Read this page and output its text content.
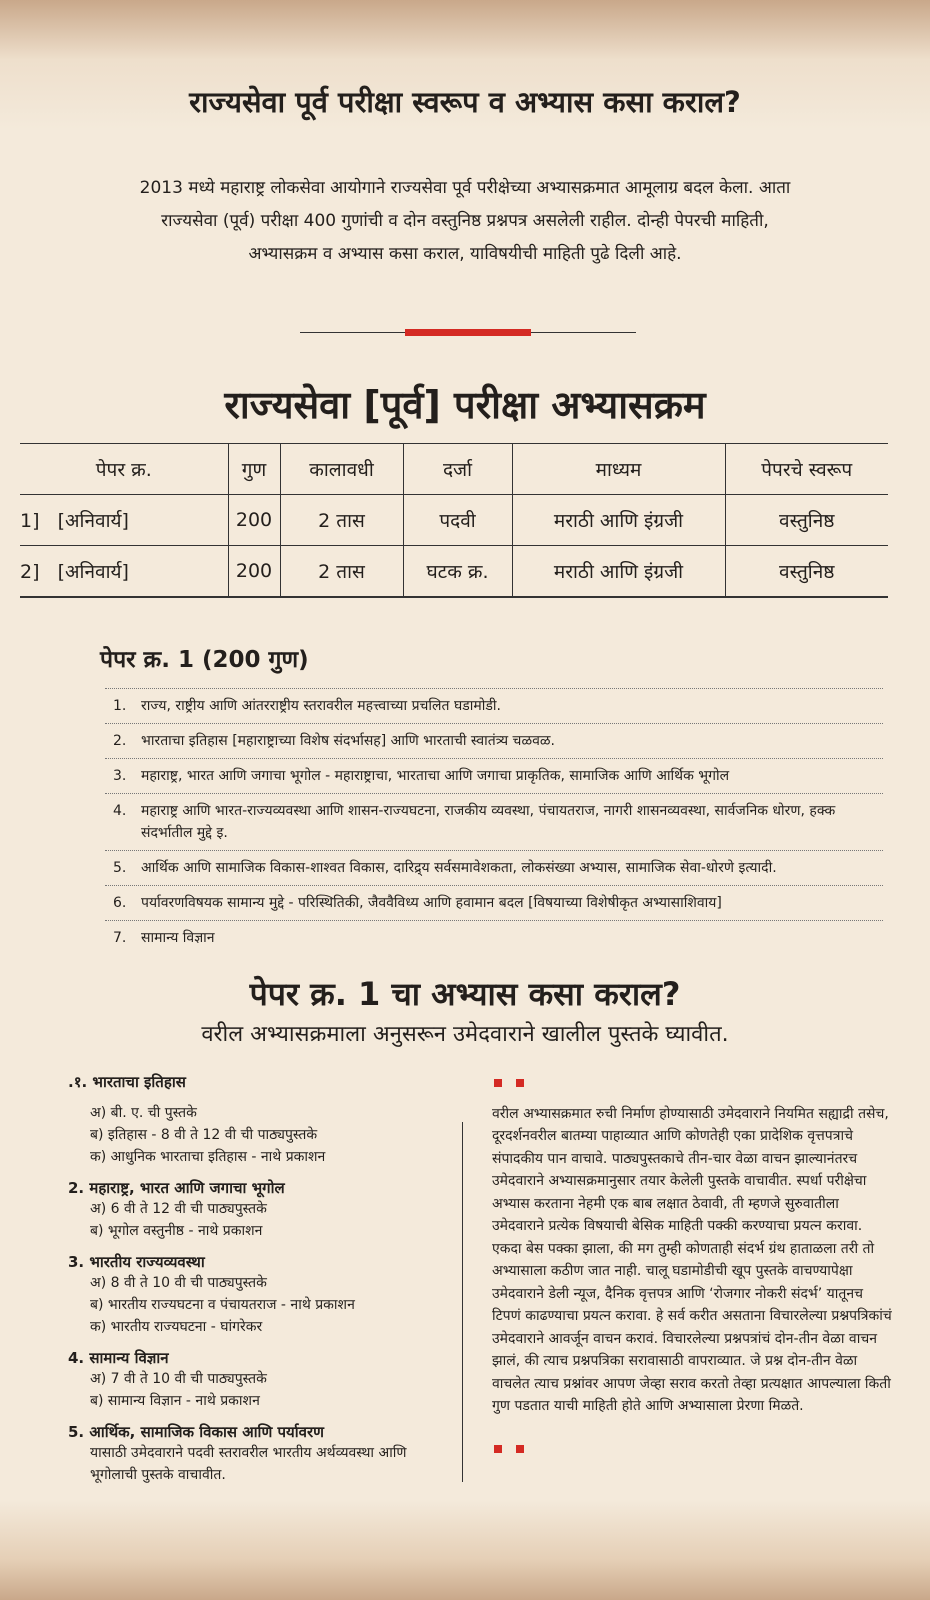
राज्यसेवा पूर्व परीक्षा स्वरूप व अभ्यास कसा कराल?

2013 मध्ये महाराष्ट्र लोकसेवा आयोगाने राज्यसेवा पूर्व परीक्षेच्या अभ्यासक्रमात आमूलाग्र बदल केला. आता राज्यसेवा (पूर्व) परीक्षा 400 गुणांची व दोन वस्तुनिष्ठ प्रश्नपत्र असलेली राहील. दोन्ही पेपरची माहिती, अभ्यासक्रम व अभ्यास कसा कराल, याविषयीची माहिती पुढे दिली आहे.

राज्यसेवा [पूर्व] परीक्षा अभ्यासक्रम
पेपर क्र.	गुण	कालावधी	दर्जा	माध्यम	पेपरचे स्वरूप
1]   [अनिवार्य]	200	2 तास	पदवी	मराठी आणि इंग्रजी	वस्तुनिष्ठ
2]   [अनिवार्य]	200	2 तास	घटक क्र.	मराठी आणि इंग्रजी	वस्तुनिष्ठ
पेपर क्र. 1 (200 गुण)
1.	राज्य, राष्ट्रीय आणि आंतरराष्ट्रीय स्तरावरील महत्त्वाच्या प्रचलित घडामोडी.
2.	भारताचा इतिहास [महाराष्ट्राच्या विशेष संदर्भासह] आणि भारताची स्वातंत्र्य चळवळ.
3.	महाराष्ट्र, भारत आणि जगाचा भूगोल - महाराष्ट्राचा, भारताचा आणि जगाचा प्राकृतिक, सामाजिक आणि आर्थिक भूगोल
4.	महाराष्ट्र आणि भारत-राज्यव्यवस्था आणि शासन-राज्यघटना, राजकीय व्यवस्था, पंचायतराज, नागरी शासनव्यवस्था, सार्वजनिक धोरण, हक्क संदर्भातील मुद्दे इ.
5.	आर्थिक आणि सामाजिक विकास-शाश्वत विकास, दारिद्र्य सर्वसमावेशकता, लोकसंख्या अभ्यास, सामाजिक सेवा-धोरणे इत्यादी.
6.	पर्यावरणविषयक सामान्य मुद्दे - परिस्थितिकी, जैववैविध्य आणि हवामान बदल [विषयाच्या विशेषीकृत अभ्यासाशिवाय]
7.	सामान्य विज्ञान
पेपर क्र. 1 चा अभ्यास कसा कराल?
वरील अभ्यासक्रमाला अनुसरून उमेदवाराने खालील पुस्तके घ्यावीत.
.१. भारताचा इतिहास
अ) बी. ए. ची पुस्तके
ब) इतिहास - 8 वी ते 12 वी ची पाठ्यपुस्तके
क) आधुनिक भारताचा इतिहास - नाथे प्रकाशन
2. महाराष्ट्र, भारत आणि जगाचा भूगोल
अ) 6 वी ते 12 वी ची पाठ्यपुस्तके
ब) भूगोल वस्तुनीष्ठ - नाथे प्रकाशन
3. भारतीय राज्यव्यवस्था
अ) 8 वी ते 10 वी ची पाठ्यपुस्तके
ब) भारतीय राज्यघटना व पंचायतराज - नाथे प्रकाशन
क) भारतीय राज्यघटना - घांगरेकर
4. सामान्य विज्ञान
अ) 7 वी ते 10 वी ची पाठ्यपुस्तके
ब) सामान्य विज्ञान - नाथे प्रकाशन
5. आर्थिक, सामाजिक विकास आणि पर्यावरण
यासाठी उमेदवाराने पदवी स्तरावरील भारतीय अर्थव्यवस्था आणि भूगोलाची पुस्तके वाचावीत.

वरील अभ्यासक्रमात रुची निर्माण होण्यासाठी उमेदवाराने नियमित सह्याद्री तसेच, दूरदर्शनवरील बातम्या पाहाव्यात आणि कोणतेही एका प्रादेशिक वृत्तपत्राचे संपादकीय पान वाचावे. पाठ्यपुस्तकाचे तीन-चार वेळा वाचन झाल्यानंतरच उमेदवाराने अभ्यासक्रमानुसार तयार केलेली पुस्तके वाचावीत. स्पर्धा परीक्षेचा अभ्यास करताना नेहमी एक बाब लक्षात ठेवावी, ती म्हणजे सुरुवातीला उमेदवाराने प्रत्येक विषयाची बेसिक माहिती पक्की करण्याचा प्रयत्न करावा. एकदा बेस पक्का झाला, की मग तुम्ही कोणताही संदर्भ ग्रंथ हाताळला तरी तो अभ्यासाला कठीण जात नाही. चालू घडामोडीची खूप पुस्तके वाचण्यापेक्षा उमेदवाराने डेली न्यूज, दैनिक वृत्तपत्र आणि ‘रोजगार नोकरी संदर्भ’ यातूनच टिपणं काढण्याचा प्रयत्न करावा. हे सर्व करीत असताना विचारलेल्या प्रश्नपत्रिकांचं उमेदवाराने आवर्जून वाचन करावं. विचारलेल्या प्रश्नपत्रांचं दोन-तीन वेळा वाचन झालं, की त्याच प्रश्नपत्रिका सरावासाठी वापराव्यात. जे प्रश्न दोन-तीन वेळा वाचलेत त्याच प्रश्नांवर आपण जेव्हा सराव करतो तेव्हा प्रत्यक्षात आपल्याला किती गुण पडतात याची माहिती होते आणि अभ्यासाला प्रेरणा मिळते.
